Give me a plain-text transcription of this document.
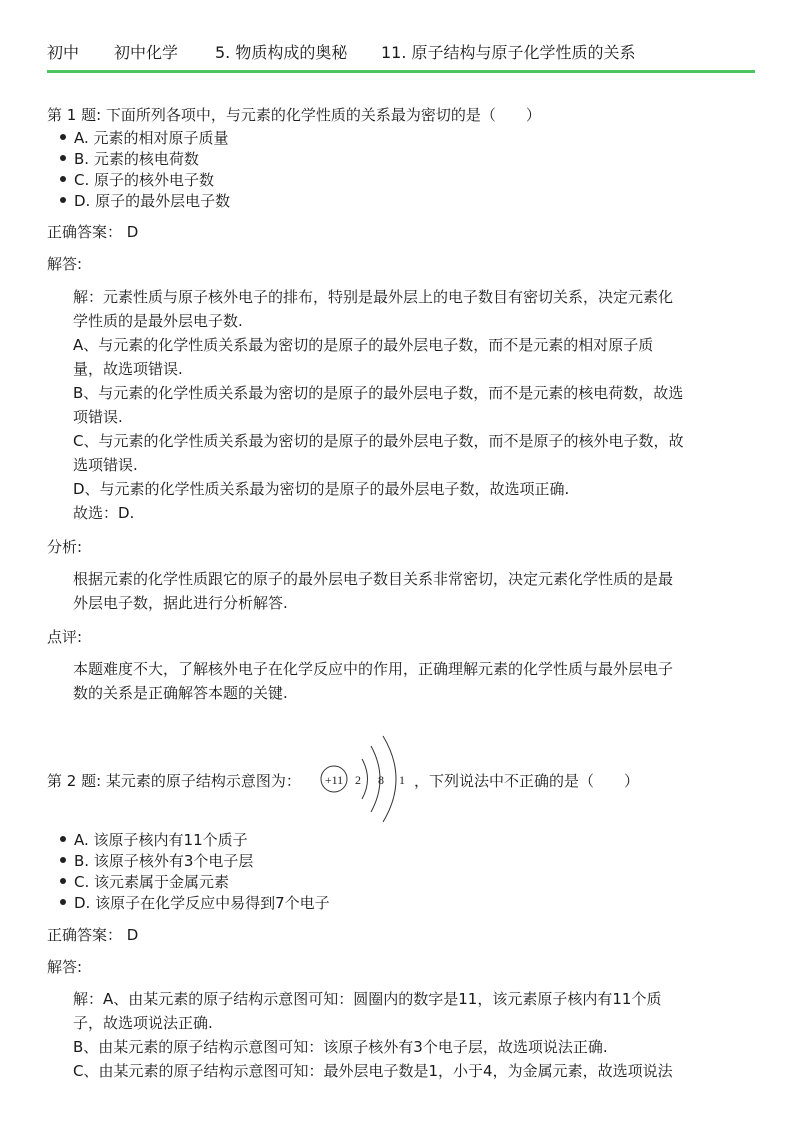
初中 初中化学 5. 物质构成的奥秘 11. 原子结构与原子化学性质的关系
第 1 题: 下面所列各项中，与元素的化学性质的关系最为密切的是（　　）
A. 元素的相对原子质量
B. 元素的核电荷数
C. 原子的核外电子数
D. 原子的最外层电子数
正确答案： D
解答:
解：元素性质与原子核外电子的排布，特别是最外层上的电子数目有密切关系，决定元素化
学性质的是最外层电子数.
A、与元素的化学性质关系最为密切的是原子的最外层电子数，而不是元素的相对原子质
量，故选项错误.
B、与元素的化学性质关系最为密切的是原子的最外层电子数，而不是元素的核电荷数，故选
项错误.
C、与元素的化学性质关系最为密切的是原子的最外层电子数，而不是原子的核外电子数，故
选项错误.
D、与元素的化学性质关系最为密切的是原子的最外层电子数，故选项正确.
故选：D.
分析:
根据元素的化学性质跟它的原子的最外层电子数目关系非常密切，决定元素化学性质的是最
外层电子数，据此进行分析解答.
点评:
本题难度不大，了解核外电子在化学反应中的作用，正确理解元素的化学性质与最外层电子
数的关系是正确解答本题的关键.
第 2 题: 某元素的原子结构示意图为： +11 2 8 1 ，下列说法中不正确的是（　　）
A. 该原子核内有11个质子
B. 该原子核外有3个电子层
C. 该元素属于金属元素
D. 该原子在化学反应中易得到7个电子
正确答案： D
解答:
解：A、由某元素的原子结构示意图可知：圆圈内的数字是11，该元素原子核内有11个质
子，故选项说法正确.
B、由某元素的原子结构示意图可知：该原子核外有3个电子层，故选项说法正确.
C、由某元素的原子结构示意图可知：最外层电子数是1，小于4，为金属元素，故选项说法
